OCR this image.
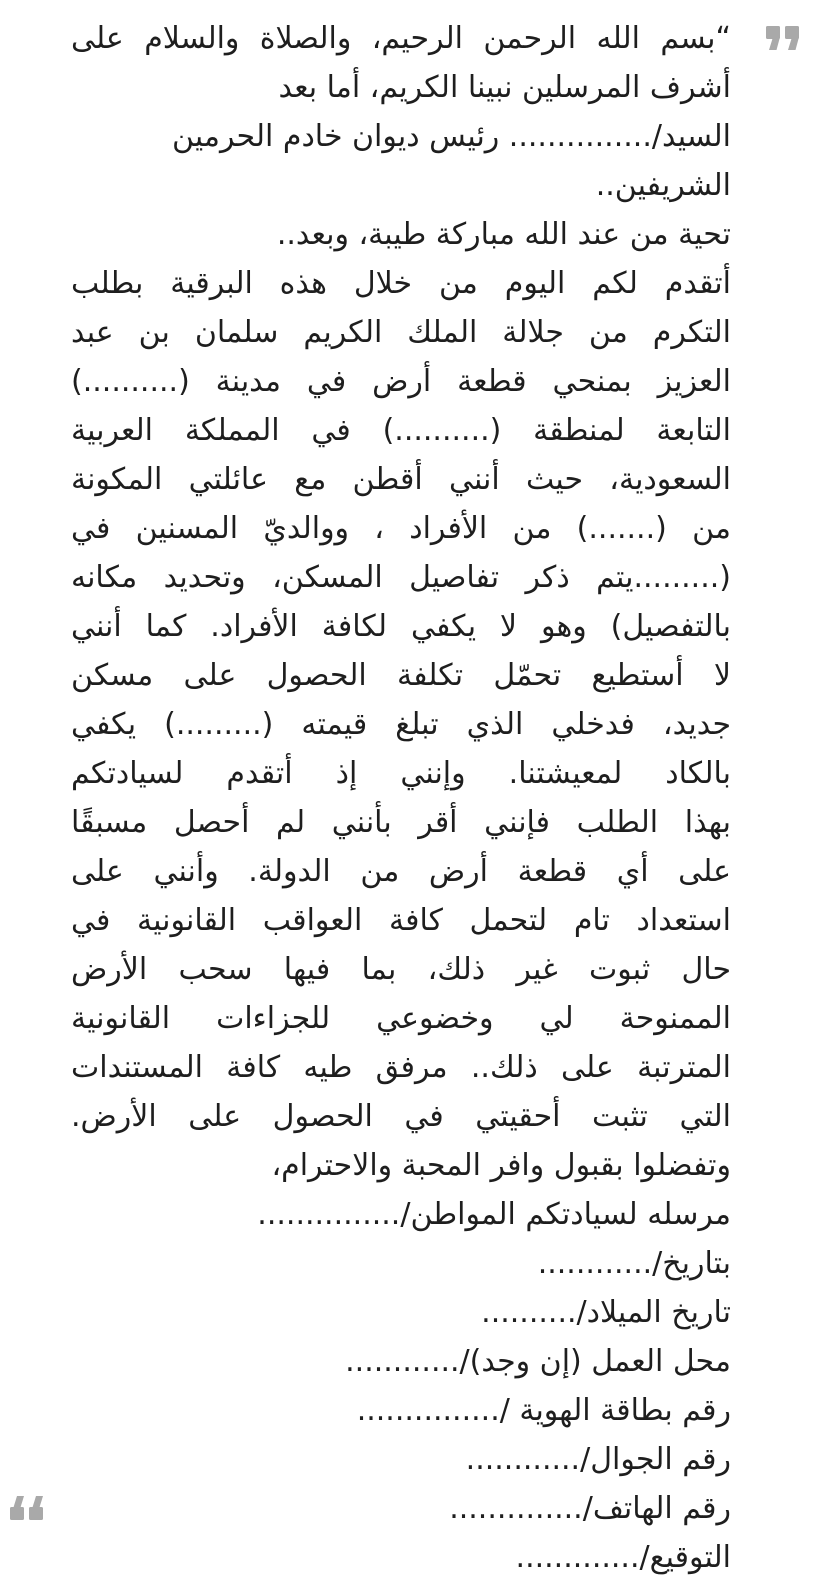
“بسم الله الرحمن الرحيم، والصلاة والسلام على
أشرف المرسلين نبينا الكريم، أما بعد
السيد/............... رئيس ديوان خادم الحرمين
الشريفين..
تحية من عند الله مباركة طيبة، وبعد..
أتقدم لكم اليوم من خلال هذه البرقية بطلب
التكرم من جلالة الملك الكريم سلمان بن عبد
العزيز بمنحي قطعة أرض في مدينة (..........)
التابعة لمنطقة (..........) في المملكة العربية
السعودية، حيث أنني أقطن مع عائلتي المكونة
من (.......) من الأفراد ، ووالديّ المسنين في
(.........يتم ذكر تفاصيل المسكن، وتحديد مكانه
بالتفصيل) وهو لا يكفي لكافة الأفراد. كما أنني
لا أستطيع تحمّل تكلفة الحصول على مسكن
جديد، فدخلي الذي تبلغ قيمته (.........) يكفي
بالكاد لمعيشتنا. وإنني إذ أتقدم لسيادتكم
بهذا الطلب فإنني أقر بأنني لم أحصل مسبقًا
على أي قطعة أرض من الدولة. وأنني على
استعداد تام لتحمل كافة العواقب القانونية في
حال ثبوت غير ذلك، بما فيها سحب الأرض
الممنوحة لي وخضوعي للجزاءات القانونية
المترتبة على ذلك.. مرفق طيه كافة المستندات
التي تثبت أحقيتي في الحصول على الأرض.
وتفضلوا بقبول وافر المحبة والاحترام،
مرسله لسيادتكم المواطن/...............
بتاريخ/............
تاريخ الميلاد/..........
محل العمل (إن وجد)/............
رقم بطاقة الهوية /...............
رقم الجوال/............
رقم الهاتف/..............
التوقيع/.............
